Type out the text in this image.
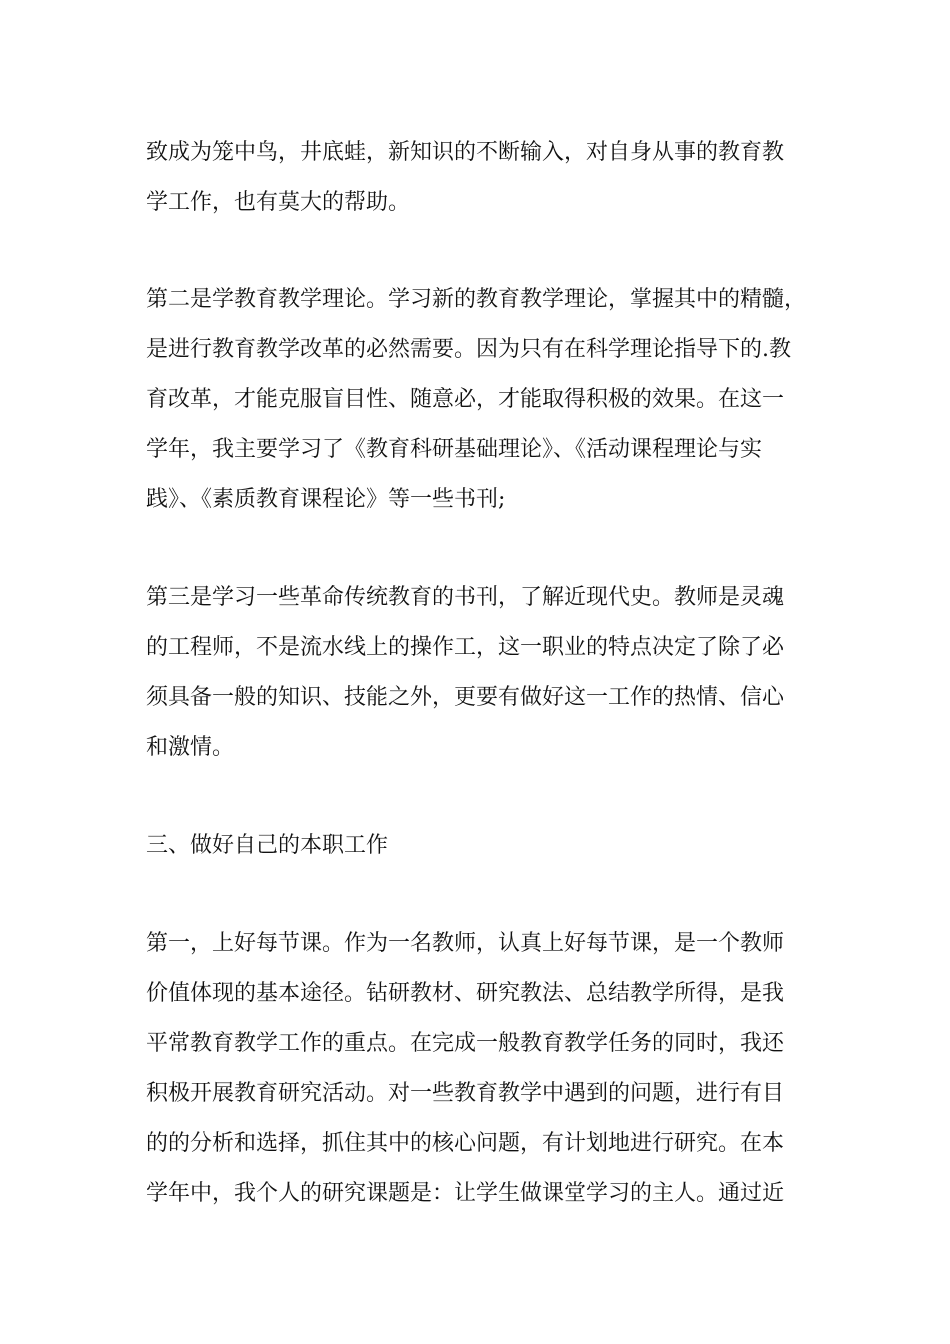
致成为笼中鸟，井底蛙，新知识的不断输入，对自身从事的教育教

学工作，也有莫大的帮助。

第二是学教育教学理论。学习新的教育教学理论，掌握其中的精髓，

是进行教育教学改革的必然需要。因为只有在科学理论指导下的.教

育改革，才能克服盲目性、随意必，才能取得积极的效果。在这一

学年，我主要学习了《教育科研基础理论》、《活动课程理论与实

践》、《素质教育课程论》等一些书刊;

第三是学习一些革命传统教育的书刊，了解近现代史。教师是灵魂

的工程师，不是流水线上的操作工，这一职业的特点决定了除了必

须具备一般的知识、技能之外，更要有做好这一工作的热情、信心

和激情。

三、做好自己的本职工作

第一，上好每节课。作为一名教师，认真上好每节课，是一个教师

价值体现的基本途径。钻研教材、研究教法、总结教学所得，是我

平常教育教学工作的重点。在完成一般教育教学任务的同时，我还

积极开展教育研究活动。对一些教育教学中遇到的问题，进行有目

的的分析和选择，抓住其中的核心问题，有计划地进行研究。在本

学年中，我个人的研究课题是：让学生做课堂学习的主人。通过近
